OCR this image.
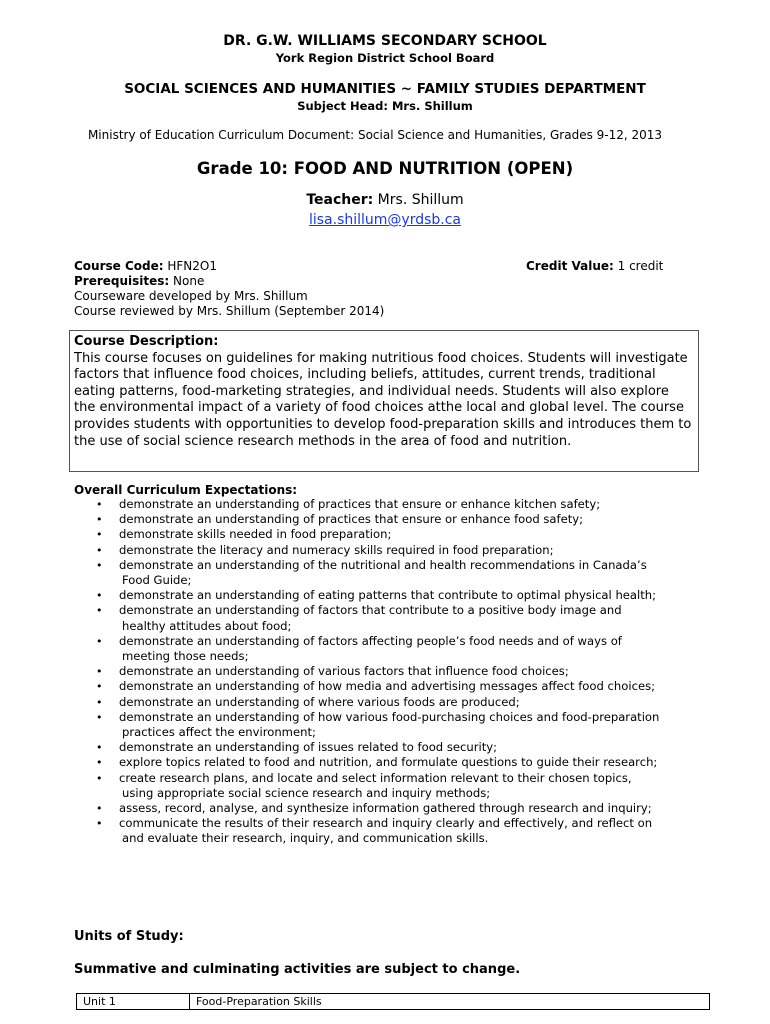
DR. G.W. WILLIAMS SECONDARY SCHOOL
York Region District School Board
SOCIAL SCIENCES AND HUMANITIES ~ FAMILY STUDIES DEPARTMENT
Subject Head: Mrs. Shillum
Ministry of Education Curriculum Document: Social Science and Humanities, Grades 9-12, 2013
Grade 10: FOOD AND NUTRITION (OPEN)
Teacher: Mrs. Shillum
lisa.shillum@yrdsb.ca
Course Code: HFN2O1
Prerequisites: None
Courseware developed by Mrs. Shillum
Course reviewed by Mrs. Shillum (September 2014)
Credit Value: 1 credit
Course Description:
This course focuses on guidelines for making nutritious food choices. Students will investigate factors that influence food choices, including beliefs, attitudes, current trends, traditional eating patterns, food-marketing strategies, and individual needs. Students will also explore the environmental impact of a variety of food choices atthe local and global level. The course provides students with opportunities to develop food-preparation skills and introduces them to the use of social science research methods in the area of food and nutrition.
Overall Curriculum Expectations:
• demonstrate an understanding of practices that ensure or enhance kitchen safety;
• demonstrate an understanding of practices that ensure or enhance food safety;
• demonstrate skills needed in food preparation;
• demonstrate the literacy and numeracy skills required in food preparation;
• demonstrate an understanding of the nutritional and health recommendations in Canada’s
Food Guide;
• demonstrate an understanding of eating patterns that contribute to optimal physical health;
• demonstrate an understanding of factors that contribute to a positive body image and
healthy attitudes about food;
• demonstrate an understanding of factors affecting people’s food needs and of ways of
meeting those needs;
• demonstrate an understanding of various factors that influence food choices;
• demonstrate an understanding of how media and advertising messages affect food choices;
• demonstrate an understanding of where various foods are produced;
• demonstrate an understanding of how various food-purchasing choices and food-preparation
practices affect the environment;
• demonstrate an understanding of issues related to food security;
• explore topics related to food and nutrition, and formulate questions to guide their research;
• create research plans, and locate and select information relevant to their chosen topics,
using appropriate social science research and inquiry methods;
• assess, record, analyse, and synthesize information gathered through research and inquiry;
• communicate the results of their research and inquiry clearly and effectively, and reflect on
and evaluate their research, inquiry, and communication skills.
Units of Study:
Summative and culminating activities are subject to change.
Unit 1	Food-Preparation Skills
